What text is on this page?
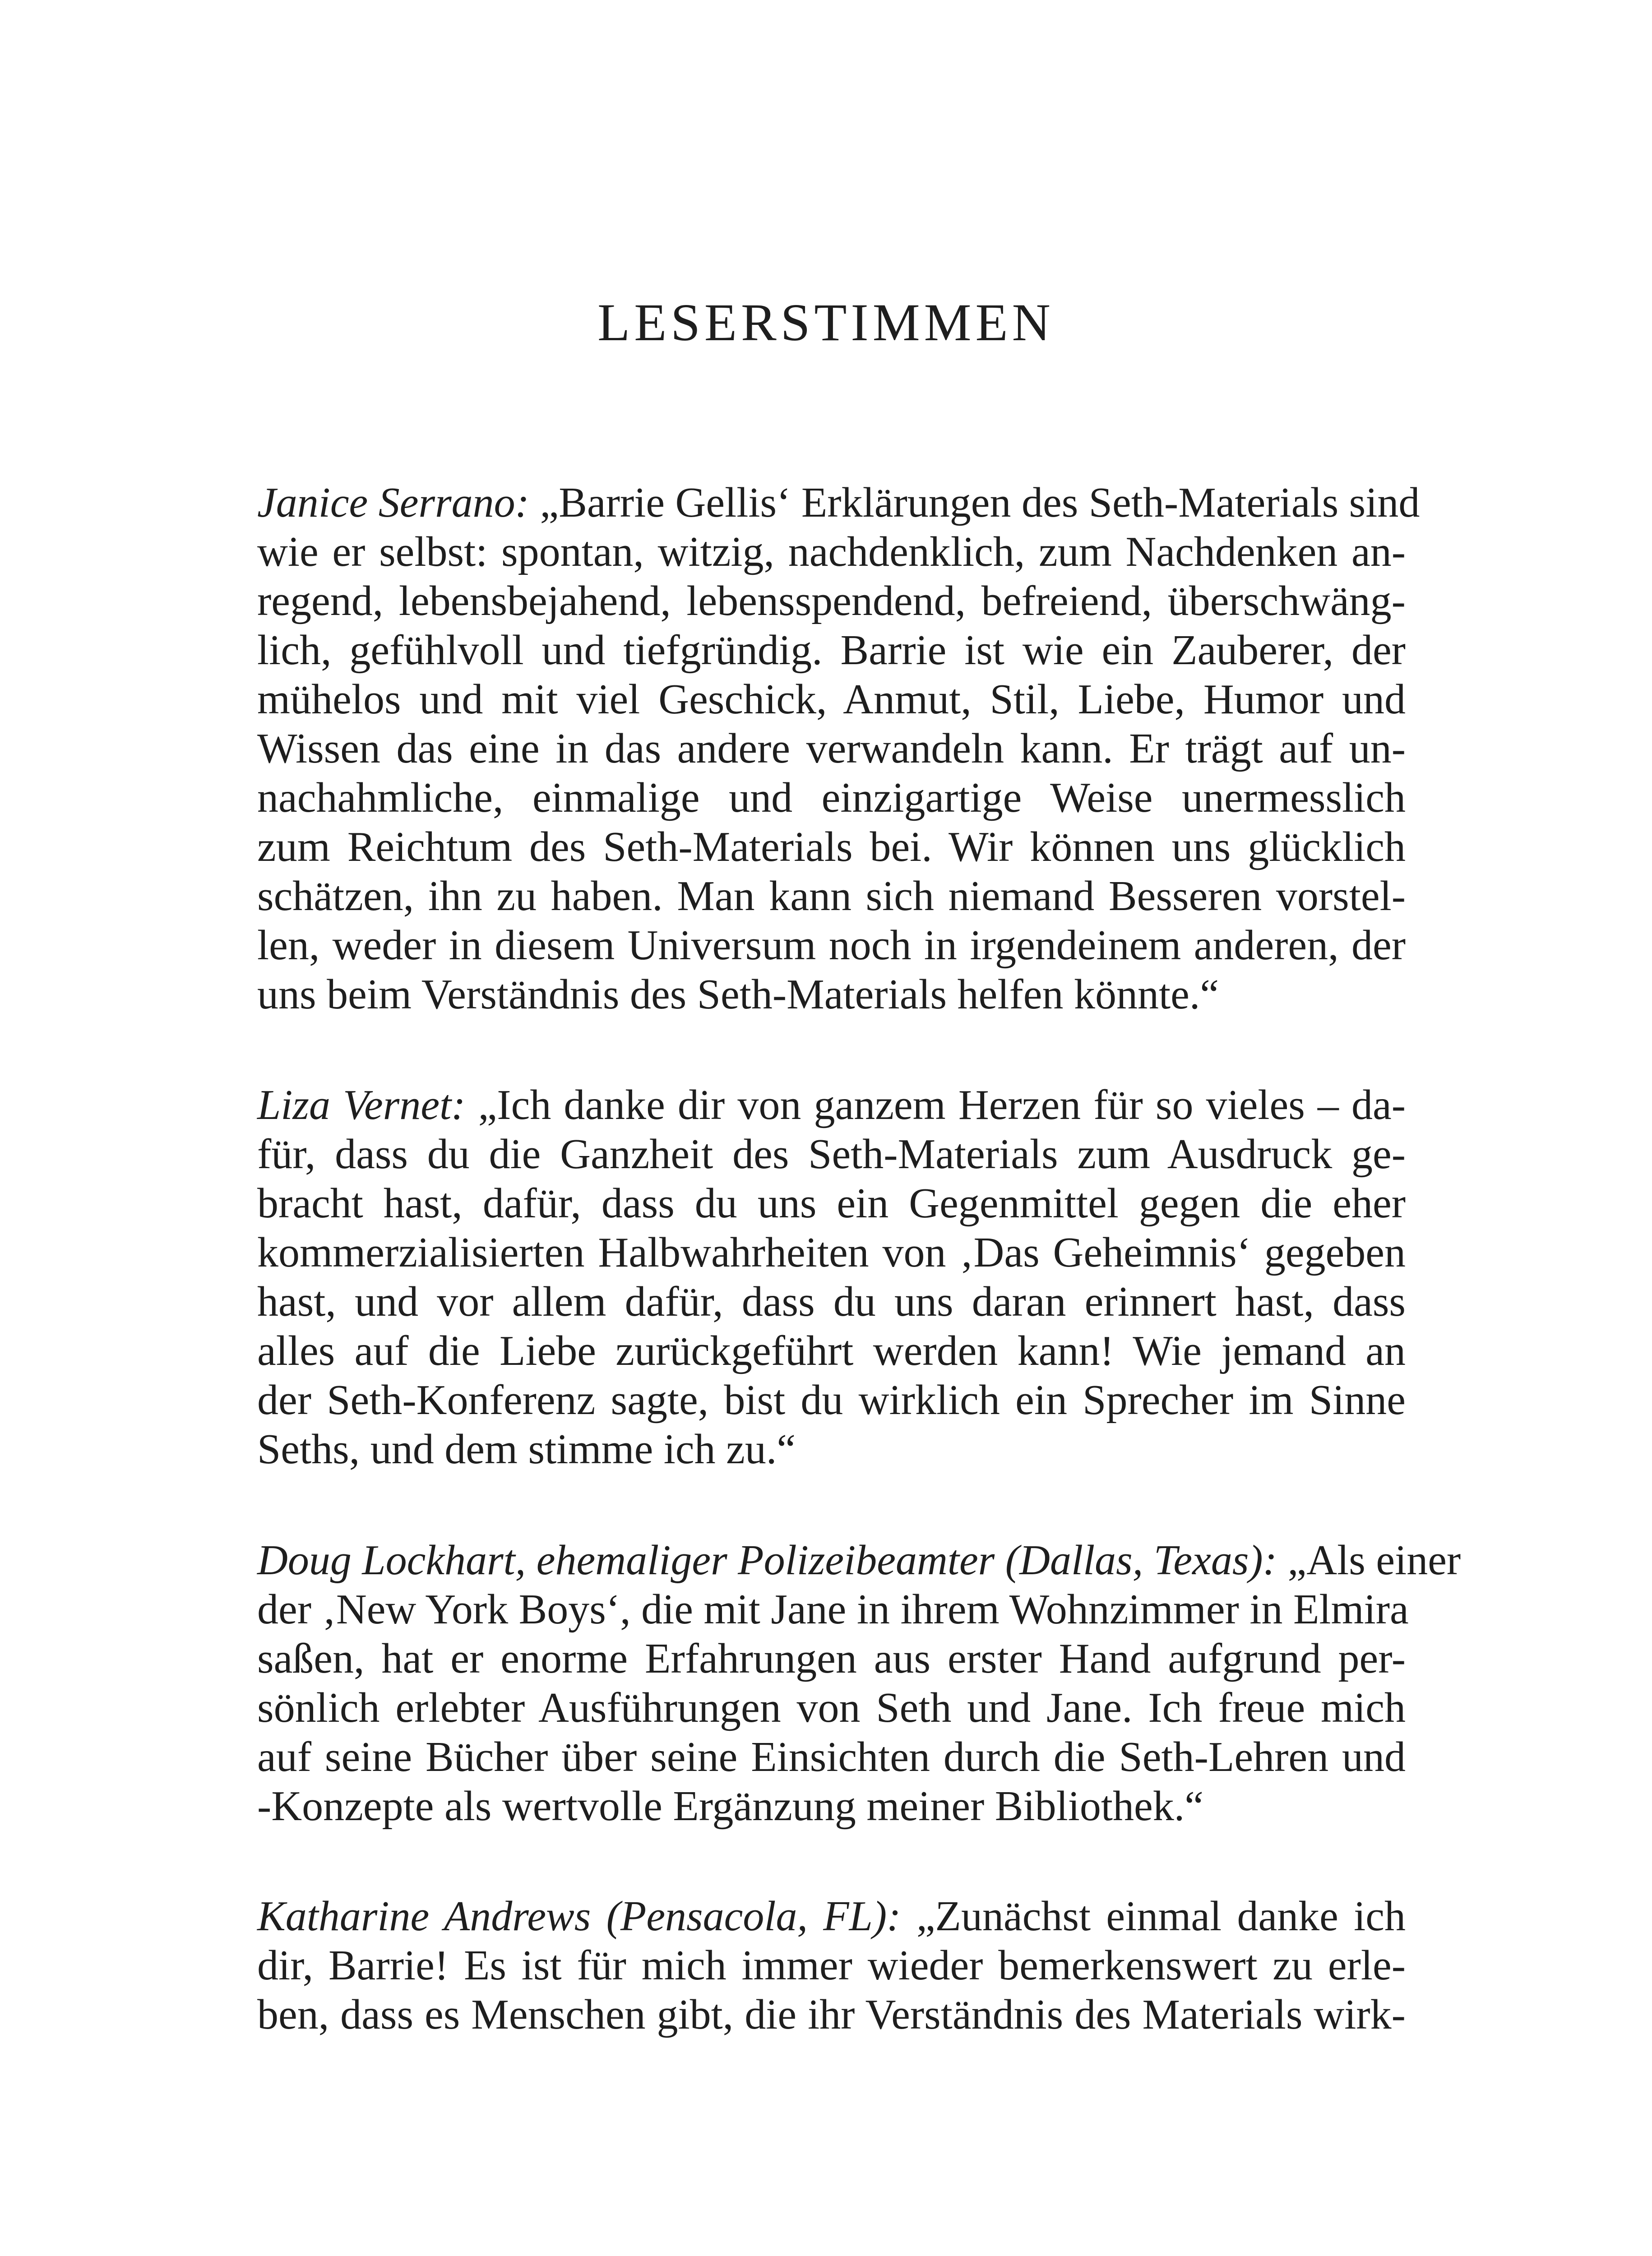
LESERSTIMMEN
Janice Serrano: „Barrie Gellis‘ Erklärungen des Seth-Materials sind
wie er selbst: spontan, witzig, nachdenklich, zum Nachdenken an-
regend, lebensbejahend, lebensspendend, befreiend, überschwäng-
lich, gefühlvoll und tiefgründig. Barrie ist wie ein Zauberer, der
mühelos und mit viel Geschick, Anmut, Stil, Liebe, Humor und
Wissen das eine in das andere verwandeln kann. Er trägt auf un-
nachahmliche, einmalige und einzigartige Weise unermesslich
zum Reichtum des Seth-Materials bei. Wir können uns glücklich
schätzen, ihn zu haben. Man kann sich niemand Besseren vorstel-
len, weder in diesem Universum noch in irgendeinem anderen, der
uns beim Verständnis des Seth-Materials helfen könnte.“
Liza Vernet: „Ich danke dir von ganzem Herzen für so vieles – da-
für, dass du die Ganzheit des Seth-Materials zum Ausdruck ge-
bracht hast, dafür, dass du uns ein Gegenmittel gegen die eher
kommerzialisierten Halbwahrheiten von ‚Das Geheimnis‘ gegeben
hast, und vor allem dafür, dass du uns daran erinnert hast, dass
alles auf die Liebe zurückgeführt werden kann! Wie jemand an
der Seth-Konferenz sagte, bist du wirklich ein Sprecher im Sinne
Seths, und dem stimme ich zu.“
Doug Lockhart, ehemaliger Polizeibeamter (Dallas, Texas): „Als einer
der ‚New York Boys‘, die mit Jane in ihrem Wohnzimmer in Elmira
saßen, hat er enorme Erfahrungen aus erster Hand aufgrund per-
sönlich erlebter Ausführungen von Seth und Jane. Ich freue mich
auf seine Bücher über seine Einsichten durch die Seth-Lehren und
-Konzepte als wertvolle Ergänzung meiner Bibliothek.“
Katharine Andrews (Pensacola, FL): „Zunächst einmal danke ich
dir, Barrie! Es ist für mich immer wieder bemerkenswert zu erle-
ben, dass es Menschen gibt, die ihr Verständnis des Materials wirk-
